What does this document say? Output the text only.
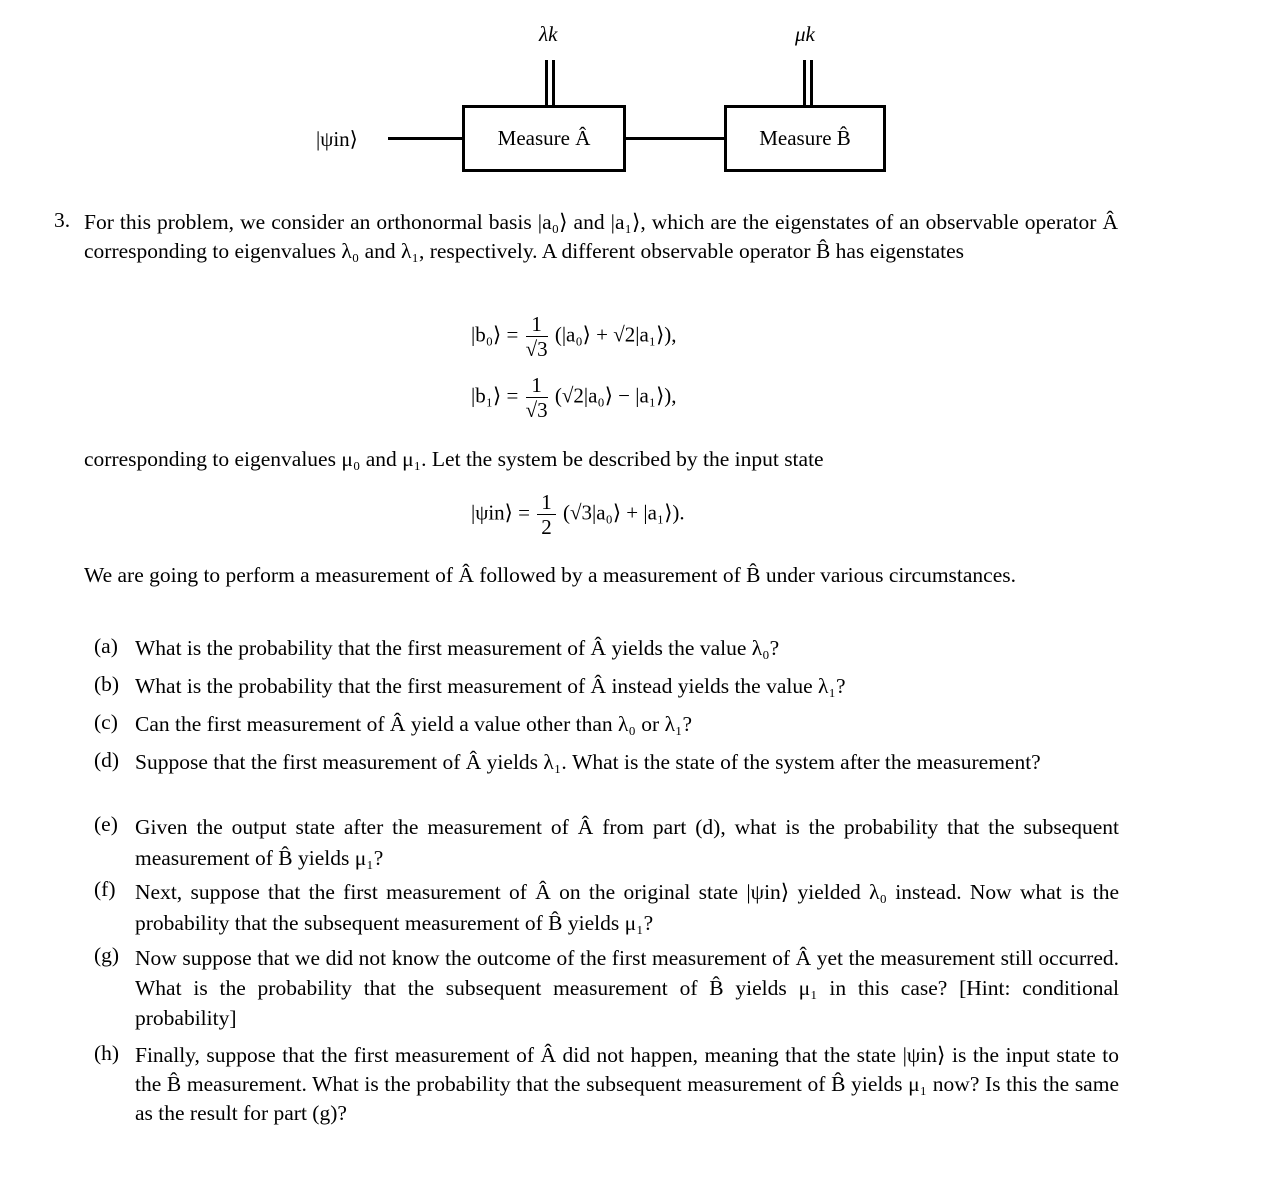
λk	μk
|ψin⟩	Measure Â	Measure B̂
3. For this problem, we consider an orthonormal basis |a₀⟩ and |a₁⟩, which are the eigenstates of an observable operator Â corresponding to eigenvalues λ₀ and λ₁, respectively. A different observable operator B̂ has eigenstates
|b₀⟩ = $\frac{1}{√3}$ (|a₀⟩ + √2|a₁⟩),
|b₁⟩ = $\frac{1}{√3}$ (√2|a₀⟩ − |a₁⟩),
corresponding to eigenvalues μ₀ and μ₁. Let the system be described by the input state
|ψin⟩ = $\frac{1}{2}$ (√3|a₀⟩ + |a₁⟩).
We are going to perform a measurement of Â followed by a measurement of B̂ under various circumstances.
(a) What is the probability that the first measurement of Â yields the value λ₀?
(b) What is the probability that the first measurement of Â instead yields the value λ₁?
(c) Can the first measurement of Â yield a value other than λ₀ or λ₁?
(d) Suppose that the first measurement of Â yields λ₁. What is the state of the system after the measurement?
(e) Given the output state after the measurement of Â from part (d), what is the probability that the subsequent measurement of B̂ yields μ₁?
(f) Next, suppose that the first measurement of Â on the original state |ψin⟩ yielded λ₀ instead. Now what is the probability that the subsequent measurement of B̂ yields μ₁?
(g) Now suppose that we did not know the outcome of the first measurement of Â yet the measurement still occurred. What is the probability that the subsequent measurement of B̂ yields μ₁ in this case? [Hint: conditional probability]
(h) Finally, suppose that the first measurement of Â did not happen, meaning that the state |ψin⟩ is the input state to the B̂ measurement. What is the probability that the subsequent measurement of B̂ yields μ₁ now? Is this the same as the result for part (g)?
